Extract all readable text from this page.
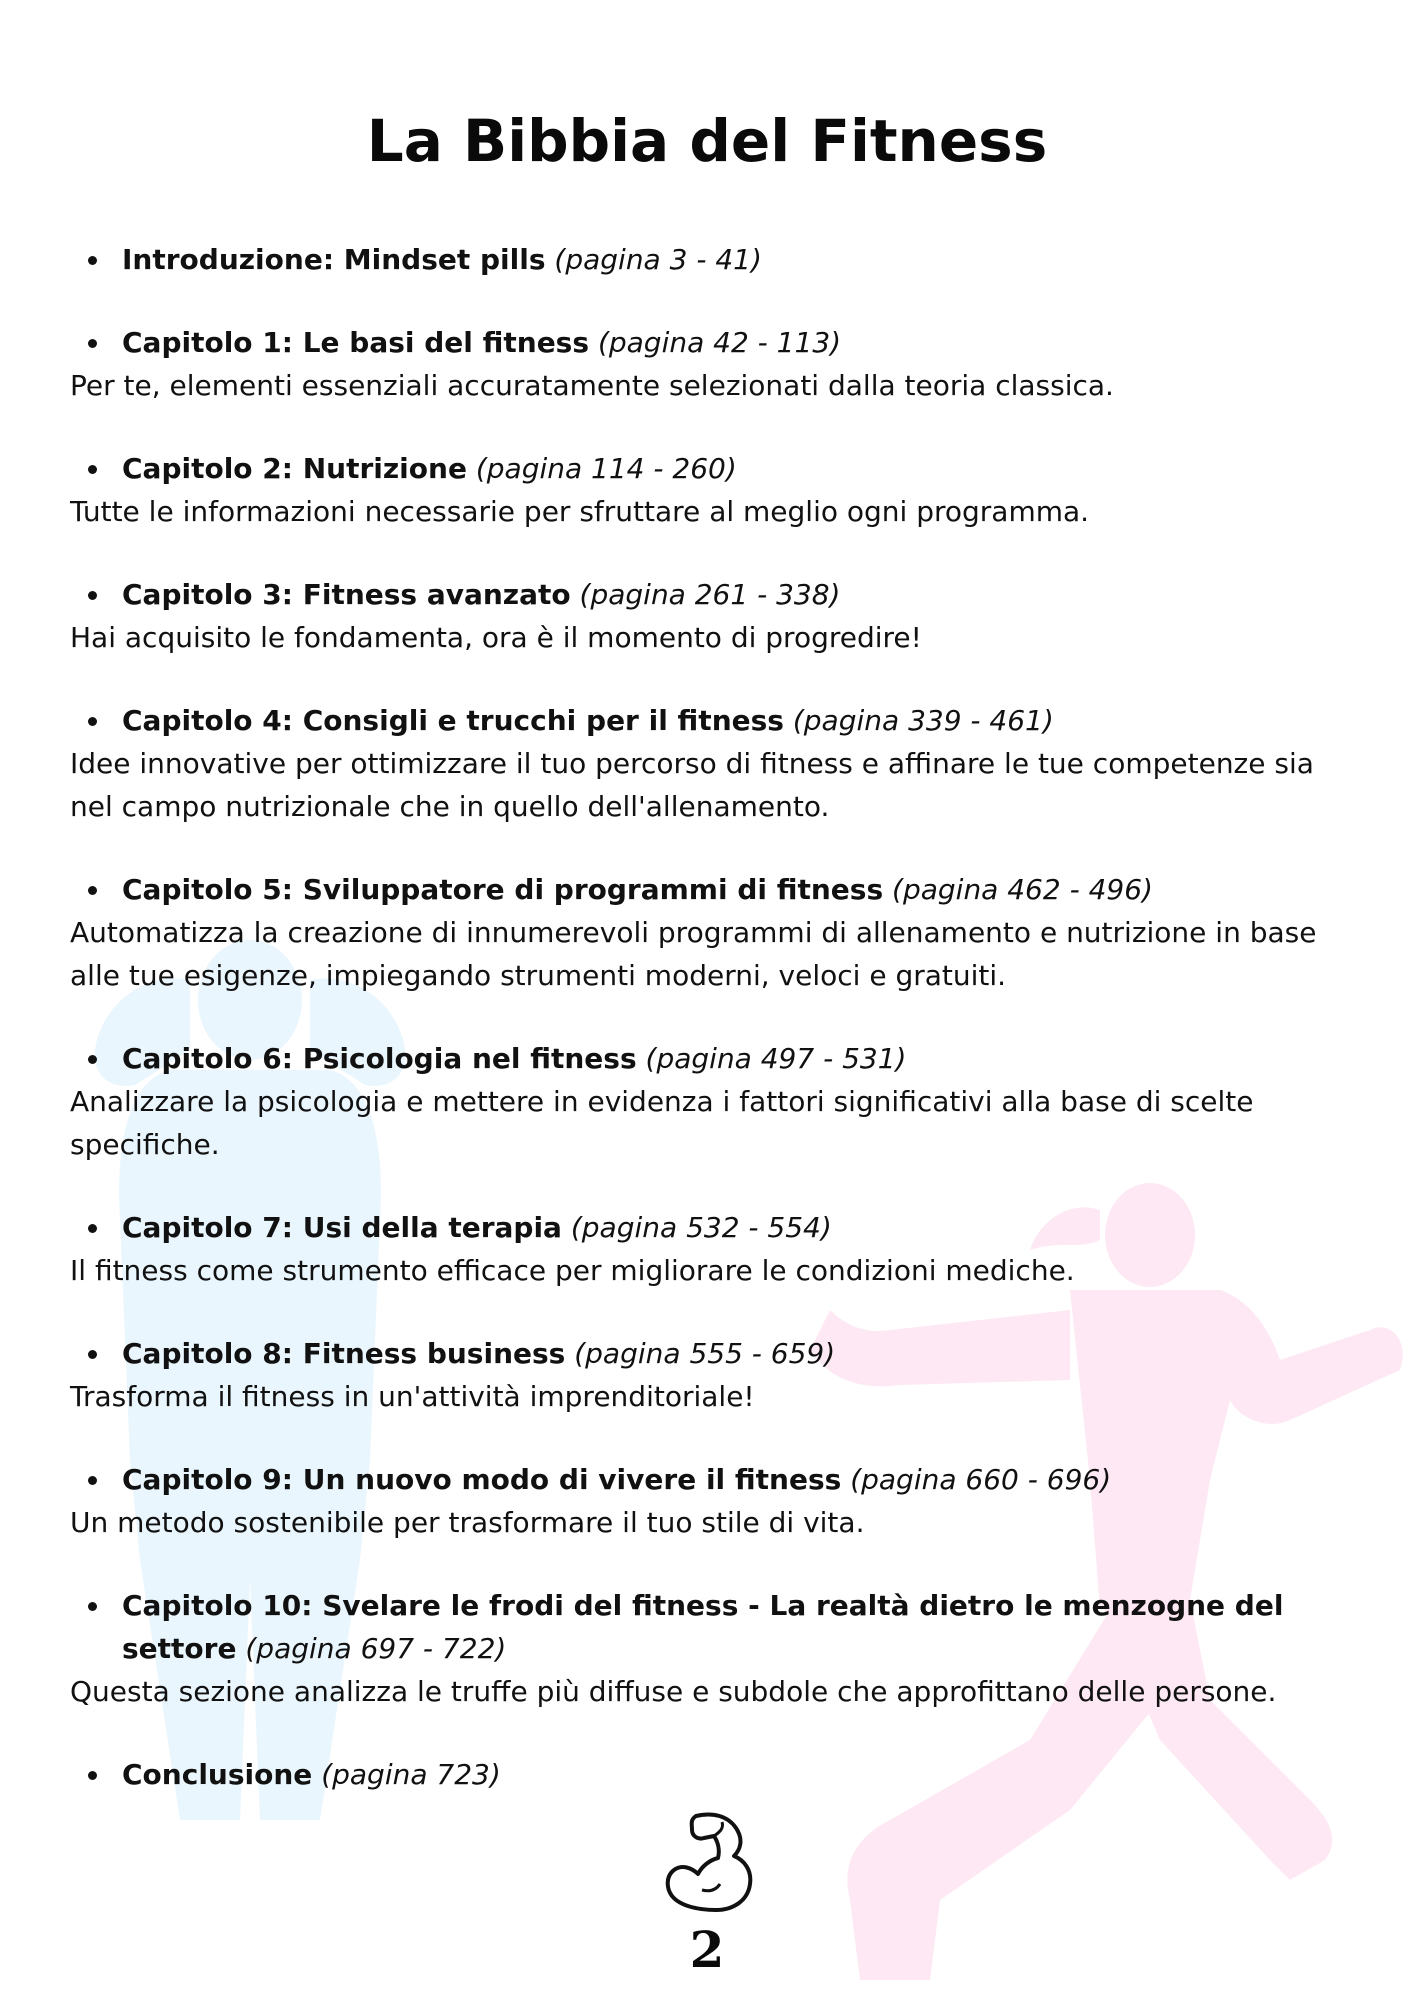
La Bibbia del Fitness
Introduzione: Mindset pills (pagina 3 - 41)
Capitolo 1: Le basi del fitness (pagina 42 - 113)
Per te, elementi essenziali accuratamente selezionati dalla teoria classica.
Capitolo 2: Nutrizione (pagina 114 - 260)
Tutte le informazioni necessarie per sfruttare al meglio ogni programma.
Capitolo 3: Fitness avanzato (pagina 261 - 338)
Hai acquisito le fondamenta, ora è il momento di progredire!
Capitolo 4: Consigli e trucchi per il fitness (pagina 339 - 461)
Idee innovative per ottimizzare il tuo percorso di fitness e affinare le tue competenze sia nel campo nutrizionale che in quello dell'allenamento.
Capitolo 5: Sviluppatore di programmi di fitness (pagina 462 - 496)
Automatizza la creazione di innumerevoli programmi di allenamento e nutrizione in base alle tue esigenze, impiegando strumenti moderni, veloci e gratuiti.
Capitolo 6: Psicologia nel fitness (pagina 497 - 531)
Analizzare la psicologia e mettere in evidenza i fattori significativi alla base di scelte specifiche.
Capitolo 7: Usi della terapia (pagina 532 - 554)
Il fitness come strumento efficace per migliorare le condizioni mediche.
Capitolo 8: Fitness business (pagina 555 - 659)
Trasforma il fitness in un'attività imprenditoriale!
Capitolo 9: Un nuovo modo di vivere il fitness (pagina 660 - 696)
Un metodo sostenibile per trasformare il tuo stile di vita.
Capitolo 10: Svelare le frodi del fitness - La realtà dietro le menzogne del settore (pagina 697 - 722)
Questa sezione analizza le truffe più diffuse e subdole che approfittano delle persone.
Conclusione (pagina 723)
2
